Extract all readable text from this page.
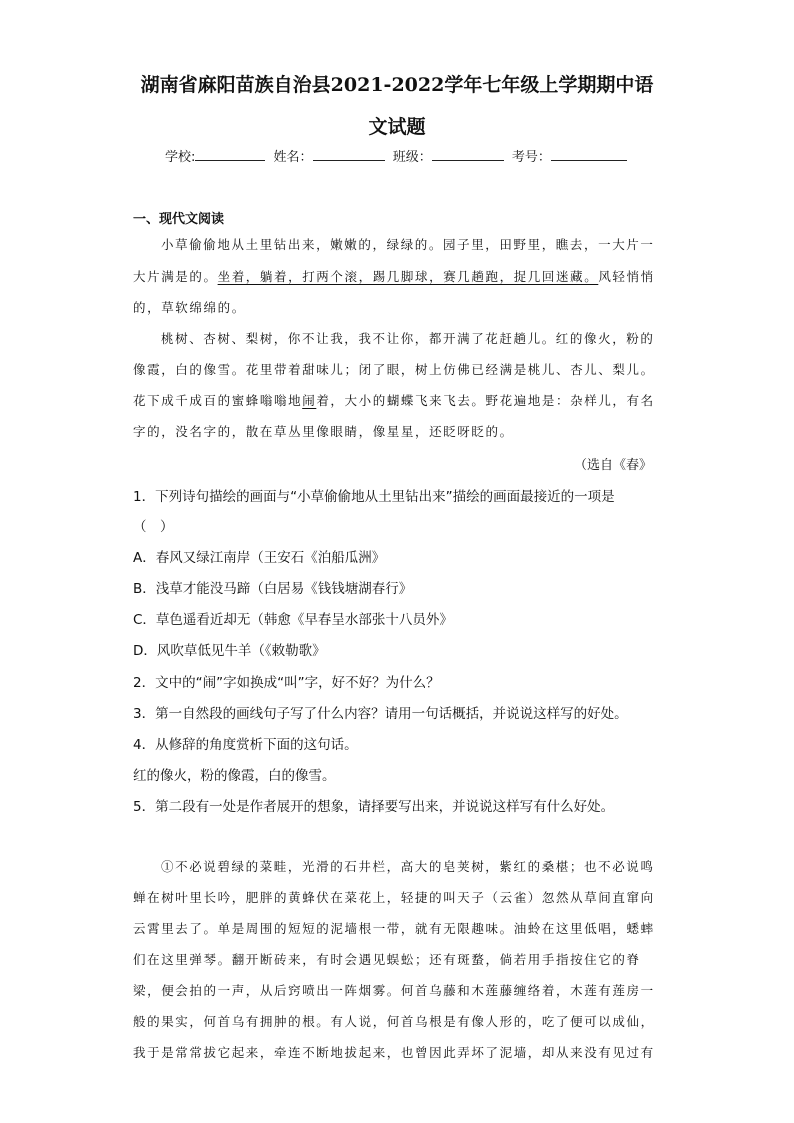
湖南省麻阳苗族自治县2021-2022学年七年级上学期期中语
文试题
学校:	姓名：	班级：	考号：
一、现代文阅读
小草偷偷地从土里钻出来，嫩嫩的，绿绿的。园子里，田野里，瞧去，一大片一
大片满是的。坐着，躺着，打两个滚，踢几脚球，赛几趟跑，捉几回迷藏。风轻悄悄
的，草软绵绵的。
桃树、杏树、梨树，你不让我，我不让你，都开满了花赶趟儿。红的像火，粉的
像霞，白的像雪。花里带着甜味儿；闭了眼，树上仿佛已经满是桃儿、杏儿、梨儿。
花下成千成百的蜜蜂嗡嗡地闹着，大小的蝴蝶飞来飞去。野花遍地是：杂样儿，有名
字的，没名字的，散在草丛里像眼睛，像星星，还眨呀眨的。
（选自《春》
1．下列诗句描绘的画面与“小草偷偷地从土里钻出来”描绘的画面最接近的一项是
（　）
A．春风又绿江南岸（王安石《泊船瓜洲》
B．浅草才能没马蹄（白居易《钱钱塘湖春行》
C．草色遥看近却无（韩愈《早春呈水部张十八员外》
D．风吹草低见牛羊（《敕勒歌》
2．文中的“闹”字如换成“叫”字，好不好？为什么？
3．第一自然段的画线句子写了什么内容？请用一句话概括，并说说这样写的好处。
4．从修辞的角度赏析下面的这句话。
红的像火，粉的像霞，白的像雪。
5．第二段有一处是作者展开的想象，请择要写出来，并说说这样写有什么好处。
①不必说碧绿的菜畦，光滑的石井栏，高大的皂荚树，紫红的桑椹；也不必说鸣
蝉在树叶里长吟，肥胖的黄蜂伏在菜花上，轻捷的叫天子（云雀）忽然从草间直窜向
云霄里去了。单是周围的短短的泥墙根一带，就有无限趣味。油蛉在这里低唱，蟋蟀
们在这里弹琴。翻开断砖来，有时会遇见蜈蚣；还有斑蝥，倘若用手指按住它的脊
梁，便会拍的一声，从后窍喷出一阵烟雾。何首乌藤和木莲藤缠络着，木莲有莲房一
般的果实，何首乌有拥肿的根。有人说，何首乌根是有像人形的，吃了便可以成仙，
我于是常常拔它起来，牵连不断地拔起来，也曾因此弄坏了泥墙，却从来没有见过有
